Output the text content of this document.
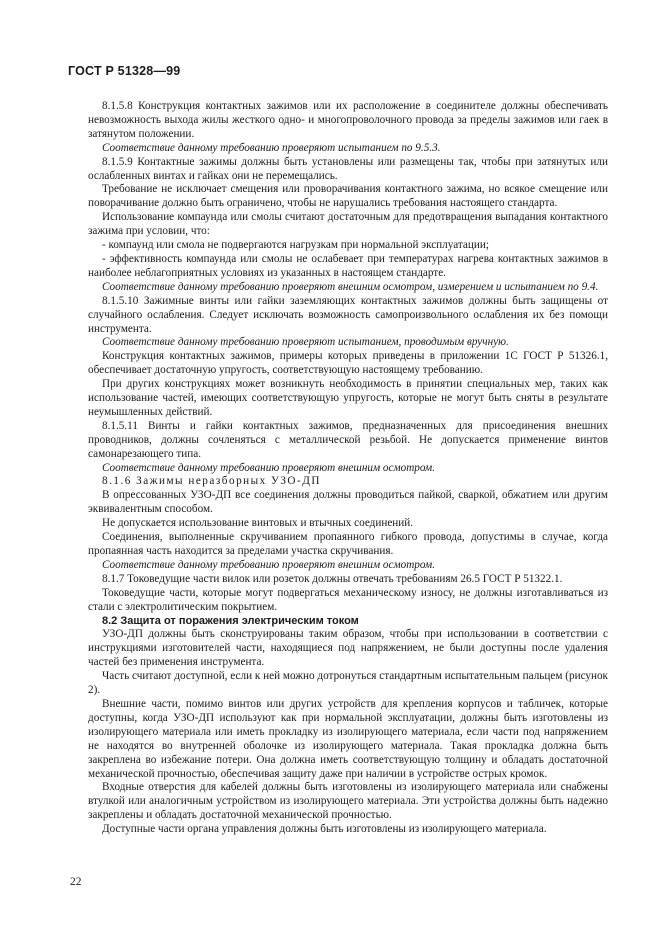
ГОСТ Р 51328—99

8.1.5.8 Конструкция контактных зажимов или их расположение в соединителе должны обеспечивать невозможность выхода жилы жесткого одно- и многопроволочного провода за пределы зажимов или гаек в затянутом положении.

Соответствие данному требованию проверяют испытанием по 9.5.3.

8.1.5.9 Контактные зажимы должны быть установлены или размещены так, чтобы при затянутых или ослабленных винтах и гайках они не перемещались.

Требование не исключает смещения или проворачивания контактного зажима, но всякое смещение или поворачивание должно быть ограничено, чтобы не нарушались требования настоящего стандарта.

Использование компаунда или смолы считают достаточным для предотвращения выпадания контактного зажима при условии, что:

- компаунд или смола не подвергаются нагрузкам при нормальной эксплуатации;

- эффективность компаунда или смолы не ослабевает при температурах нагрева контактных зажимов в наиболее неблагоприятных условиях из указанных в настоящем стандарте.

Соответствие данному требованию проверяют внешним осмотром, измерением и испытанием по 9.4.

8.1.5.10 Зажимные винты или гайки заземляющих контактных зажимов должны быть защищены от случайного ослабления. Следует исключать возможность самопроизвольного ослабления их без помощи инструмента.

Соответствие данному требованию проверяют испытанием, проводимым вручную.

Конструкция контактных зажимов, примеры которых приведены в приложении 1С ГОСТ Р 51326.1, обеспечивает достаточную упругость, соответствующую настоящему требованию.

При других конструкциях может возникнуть необходимость в принятии специальных мер, таких как использование частей, имеющих соответствующую упругость, которые не могут быть сняты в результате неумышленных действий.

8.1.5.11 Винты и гайки контактных зажимов, предназначенных для присоединения внешних проводников, должны сочленяться с металлической резьбой. Не допускается применение винтов самонарезающего типа.

Соответствие данному требованию проверяют внешним осмотром.

8.1.6 Зажимы неразборных УЗО-ДП

В опрессованных УЗО-ДП все соединения должны проводиться пайкой, сваркой, обжатием или другим эквивалентным способом.

Не допускается использование винтовых и втычных соединений.

Соединения, выполненные скручиванием пропаянного гибкого провода, допустимы в случае, когда пропаянная часть находится за пределами участка скручивания.

Соответствие данному требованию проверяют внешним осмотром.

8.1.7 Токоведущие части вилок или розеток должны отвечать требованиям 26.5 ГОСТ Р 51322.1.

Токоведущие части, которые могут подвергаться механическому износу, не должны изготавливаться из стали с электролитическим покрытием.

8.2 Защита от поражения электрическим током

УЗО-ДП должны быть сконструированы таким образом, чтобы при использовании в соответствии с инструкциями изготовителей части, находящиеся под напряжением, не были доступны после удаления частей без применения инструмента.

Часть считают доступной, если к ней можно дотронуться стандартным испытательным пальцем (рисунок 2).

Внешние части, помимо винтов или других устройств для крепления корпусов и табличек, которые доступны, когда УЗО-ДП используют как при нормальной эксплуатации, должны быть изготовлены из изолирующего материала или иметь прокладку из изолирующего материала, если части под напряжением не находятся во внутренней оболочке из изолирующего материала. Такая прокладка должна быть закреплена во избежание потери. Она должна иметь соответствующую толщину и обладать достаточной механической прочностью, обеспечивая защиту даже при наличии в устройстве острых кромок.

Входные отверстия для кабелей должны быть изготовлены из изолирующего материала или снабжены втулкой или аналогичным устройством из изолирующего материала. Эти устройства должны быть надежно закреплены и обладать достаточной механической прочностью.

Доступные части органа управления должны быть изготовлены из изолирующего материала.

22
